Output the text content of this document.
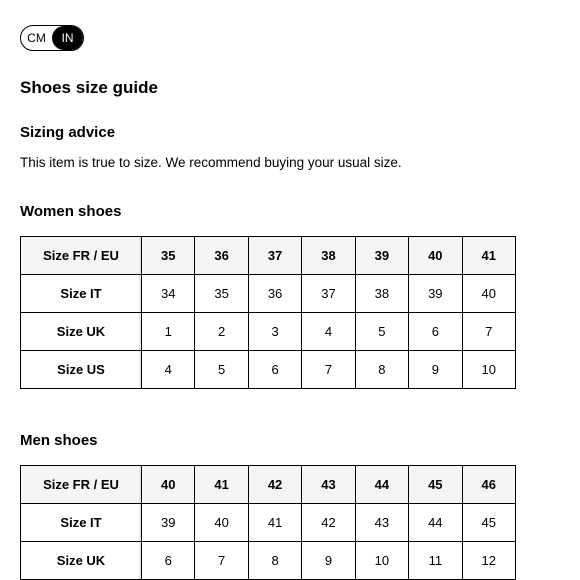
CM	IN
Shoes size guide
Sizing advice

This item is true to size. We recommend buying your usual size.

Women shoes
Size FR / EU	35	36	37	38	39	40	41
Size IT	34	35	36	37	38	39	40
Size UK	1	2	3	4	5	6	7
Size US	4	5	6	7	8	9	10
Men shoes
Size FR / EU	40	41	42	43	44	45	46
Size IT	39	40	41	42	43	44	45
Size UK	6	7	8	9	10	11	12
